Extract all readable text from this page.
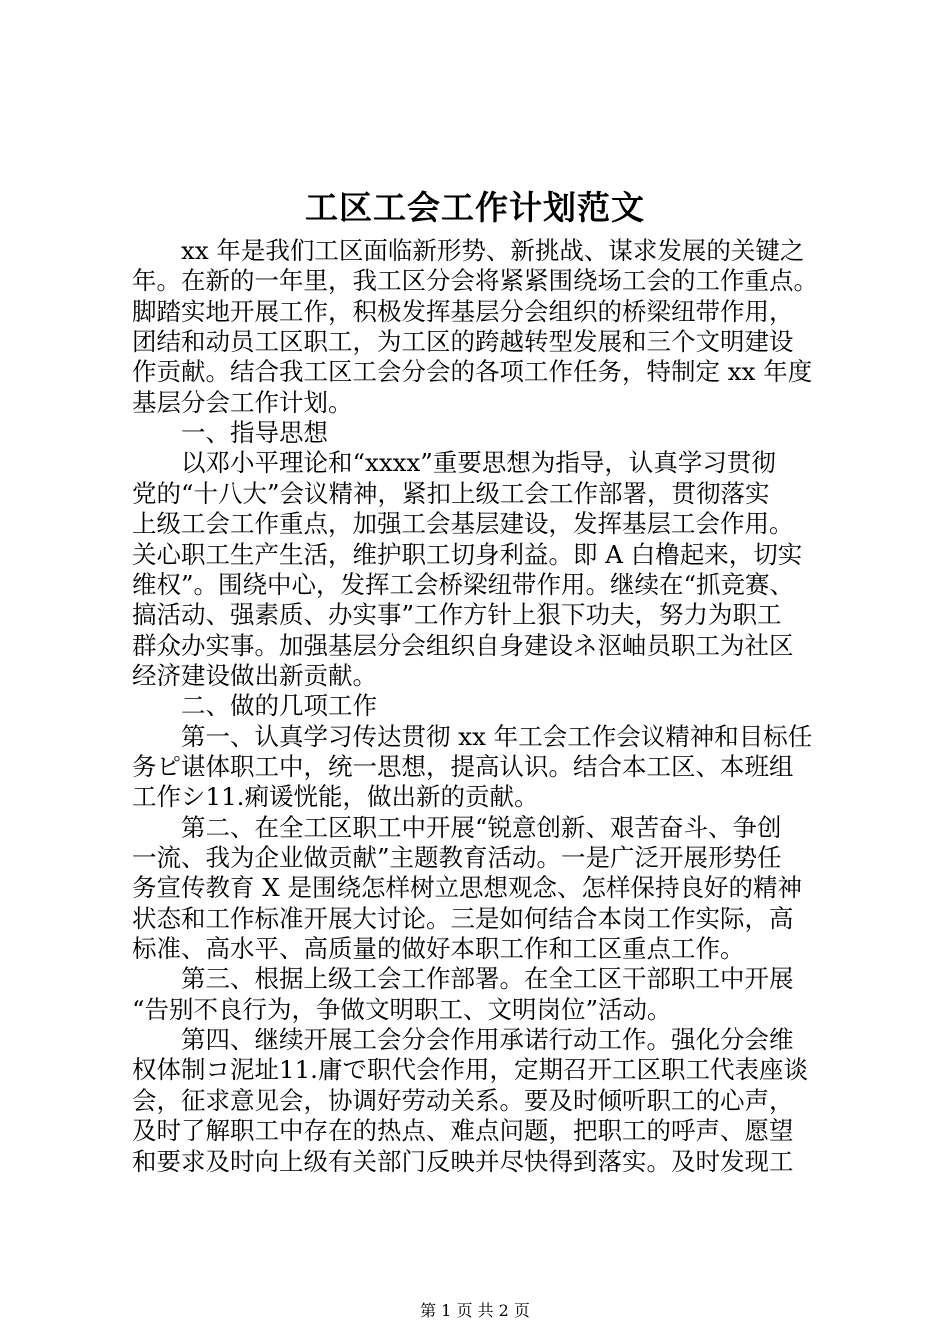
工区工会工作计划范文
　　xx 年是我们工区面临新形势、新挑战、谋求发展的关键之
年。在新的一年里，我工区分会将紧紧围绕场工会的工作重点。
脚踏实地开展工作，积极发挥基层分会组织的桥梁纽带作用，
团结和动员工区职工，为工区的跨越转型发展和三个文明建设
作贡献。结合我工区工会分会的各项工作任务，特制定 xx 年度
基层分会工作计划。
　　一、指导思想
　　以邓小平理论和“xxxx”重要思想为指导，认真学习贯彻
党的“十八大”会议精神，紧扣上级工会工作部署，贯彻落实
上级工会工作重点，加强工会基层建设，发挥基层工会作用。
关心职工生产生活，维护职工切身利益。即 A 白橹起来，切实
维权”。围绕中心，发挥工会桥梁纽带作用。继续在“抓竞赛、
搞活动、强素质、办实事”工作方针上狠下功夫，努力为职工
群众办实事。加强基层分会组织自身建设ネ沤岫员职工为社区
经济建设做出新贡献。
　　二、做的几项工作
　　第一、认真学习传达贯彻 xx 年工会工作会议精神和目标任
务ピ谌体职工中，统一思想，提高认识。结合本工区、本班组
工作シ11.痢谖恍能，做出新的贡献。
　　第二、在全工区职工中开展“锐意创新、艰苦奋斗、争创
一流、我为企业做贡献”主题教育活动。一是广泛开展形势任
务宣传教育 X 是围绕怎样树立思想观念、怎样保持良好的精神
状态和工作标准开展大讨论。三是如何结合本岗工作实际，高
标准、高水平、高质量的做好本职工作和工区重点工作。
　　第三、根据上级工会工作部署。在全工区干部职工中开展
“告别不良行为，争做文明职工、文明岗位”活动。
　　第四、继续开展工会分会作用承诺行动工作。强化分会维
权体制コ泥址11.庸で职代会作用，定期召开工区职工代表座谈
会，征求意见会，协调好劳动关系。要及时倾听职工的心声，
及时了解职工中存在的热点、难点问题，把职工的呼声、愿望
和要求及时向上级有关部门反映并尽快得到落实。及时发现工
第 1 页 共 2 页
